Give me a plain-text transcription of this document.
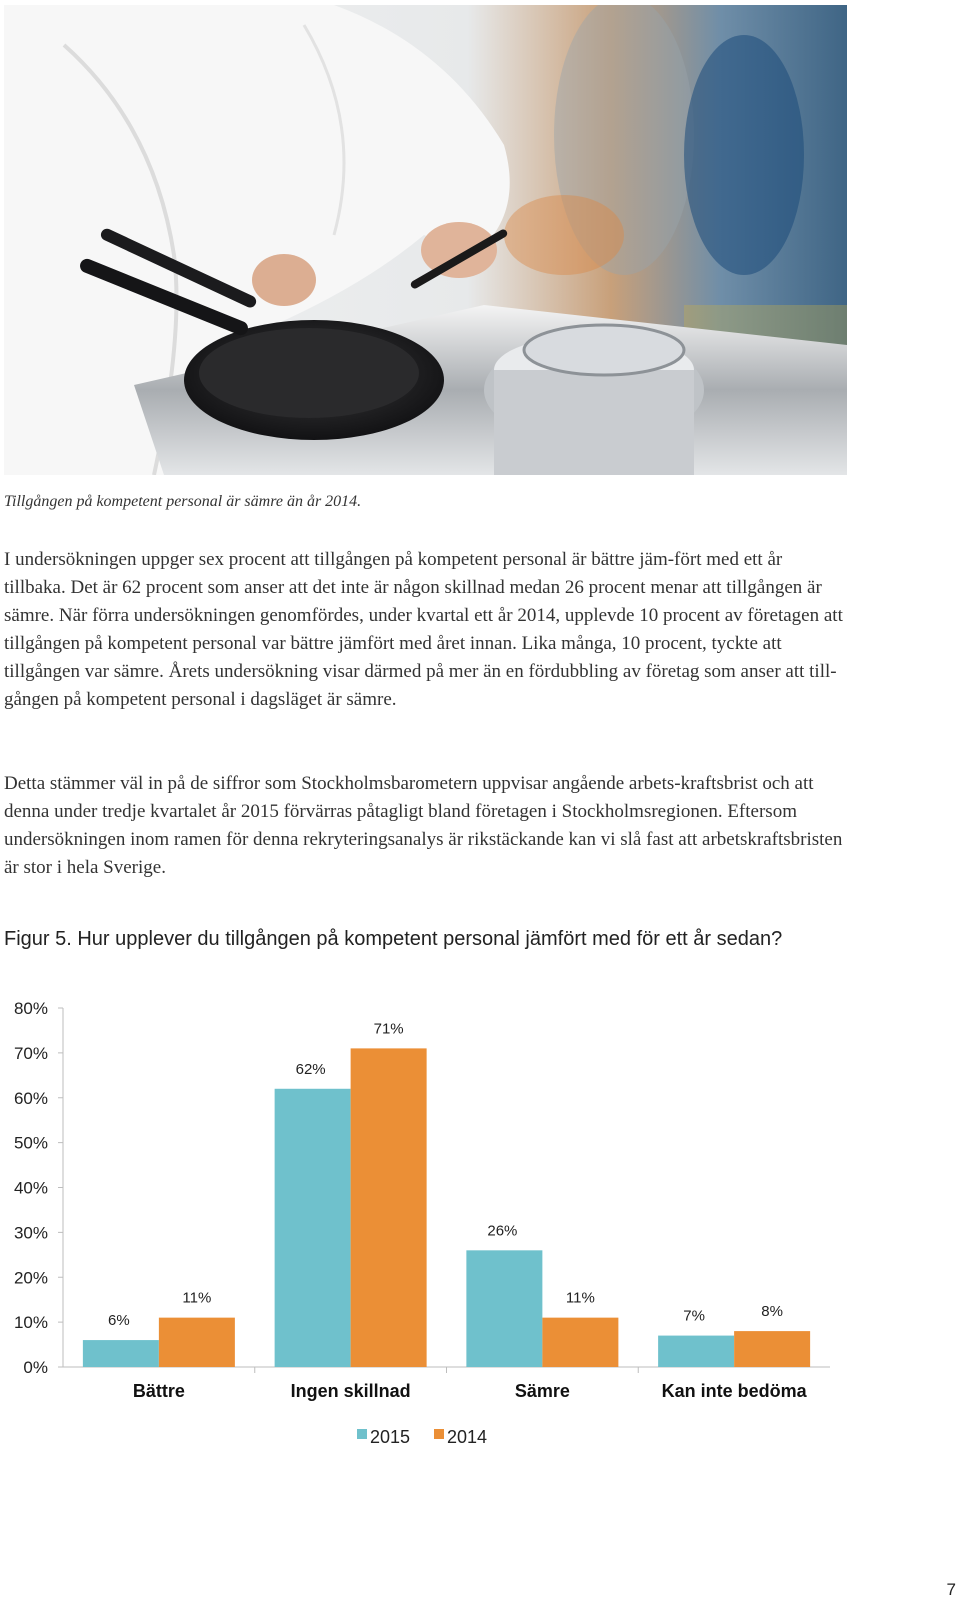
Tillgången på kompetent personal är sämre än år 2014.

I undersökningen uppger sex procent att tillgången på kompetent personal är bättre jäm-fört med ett år tillbaka. Det är 62 procent som anser att det inte är någon skillnad medan 26 procent menar att tillgången är sämre. När förra undersökningen genomfördes, under kvartal ett år 2014, upplevde 10 procent av företagen att tillgången på kompetent personal var bättre jämfört med året innan. Lika många, 10 procent, tyckte att tillgången var sämre. Årets undersökning visar därmed på mer än en fördubbling av företag som anser att till-gången på kompetent personal i dagsläget är sämre.

Detta stämmer väl in på de siffror som Stockholmsbarometern uppvisar angående arbets-kraftsbrist och att denna under tredje kvartalet år 2015 förvärras påtagligt bland företagen i Stockholmsregionen. Eftersom undersökningen inom ramen för denna rekryteringsanalys är rikstäckande kan vi slå fast att arbetskraftsbristen är stor i hela Sverige.

Figur 5. Hur upplever du tillgången på kompetent personal jämfört med för ett år sedan?
0%
10%
20%
30%
40%
50%
60%
70%
80%
6%
11%
Bättre
62%
71%
Ingen skillnad
26%
11%
Sämre
7%	8%
Kan inte bedöma
2015 2014
7
